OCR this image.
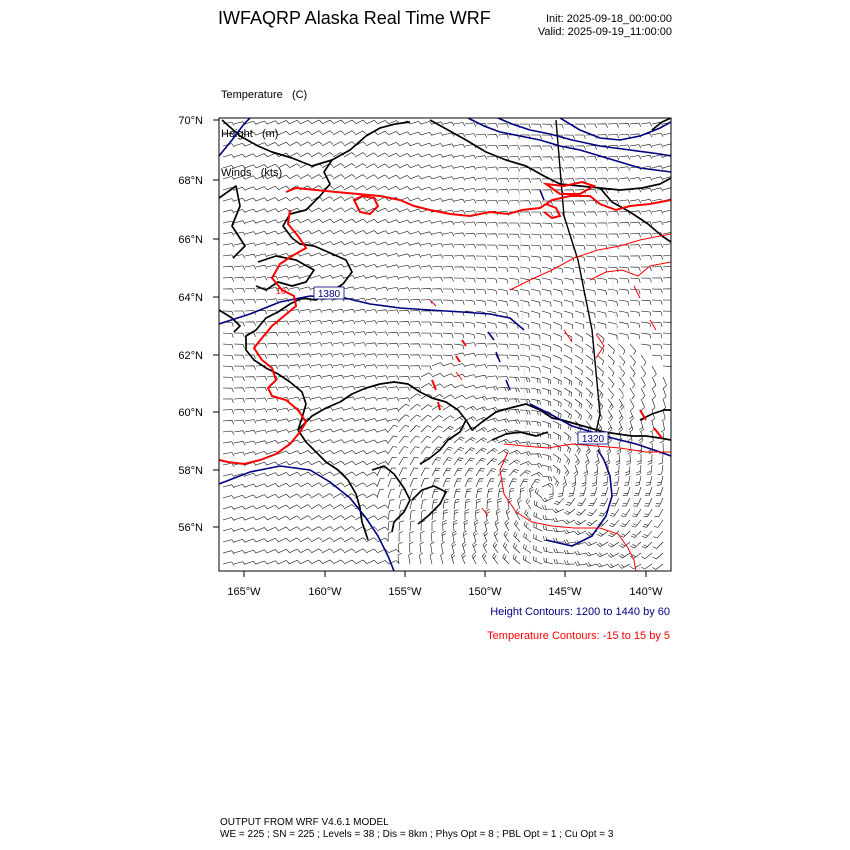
IWFAQRP Alaska Real Time WRF	Init: 2025-09-18_00:00:00
Valid: 2025-09-19_11:00:00

Temperature (C)

Height (m)

Winds (kts)

1380
1320
10
70°N
68°N
66°N
64°N
62°N
60°N
58°N
56°N
165°W	160°W	155°W	150°W	145°W	140°W
Height Contours: 1200 to 1440 by 60
Temperature Contours: -15 to 15 by 5
OUTPUT FROM WRF V4.6.1 MODEL
WE = 225 ; SN = 225 ; Levels = 38 ; Dis = 8km ; Phys Opt = 8 ; PBL Opt = 1 ; Cu Opt = 3
